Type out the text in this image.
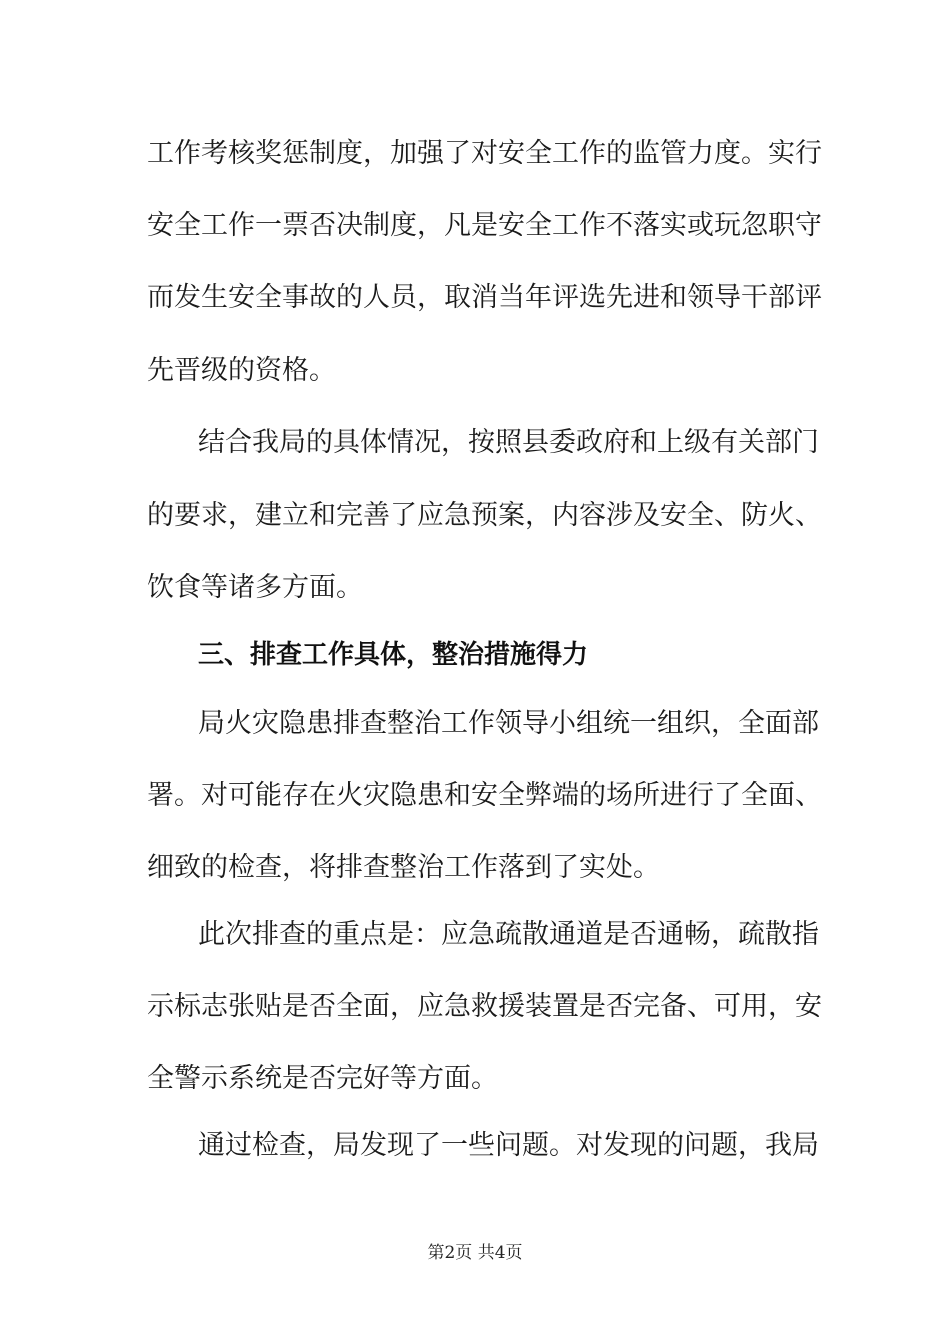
工作考核奖惩制度，加强了对安全工作的监管力度。实行
安全工作一票否决制度，凡是安全工作不落实或玩忽职守
而发生安全事故的人员，取消当年评选先进和领导干部评
先晋级的资格。
结合我局的具体情况，按照县委政府和上级有关部门
的要求，建立和完善了应急预案，内容涉及安全、防火、
饮食等诸多方面。
三、排查工作具体，整治措施得力
局火灾隐患排查整治工作领导小组统一组织，全面部
署。对可能存在火灾隐患和安全弊端的场所进行了全面、
细致的检查，将排查整治工作落到了实处。
此次排查的重点是：应急疏散通道是否通畅，疏散指
示标志张贴是否全面，应急救援装置是否完备、可用，安
全警示系统是否完好等方面。
通过检查，局发现了一些问题。对发现的问题，我局
第2页 共4页
